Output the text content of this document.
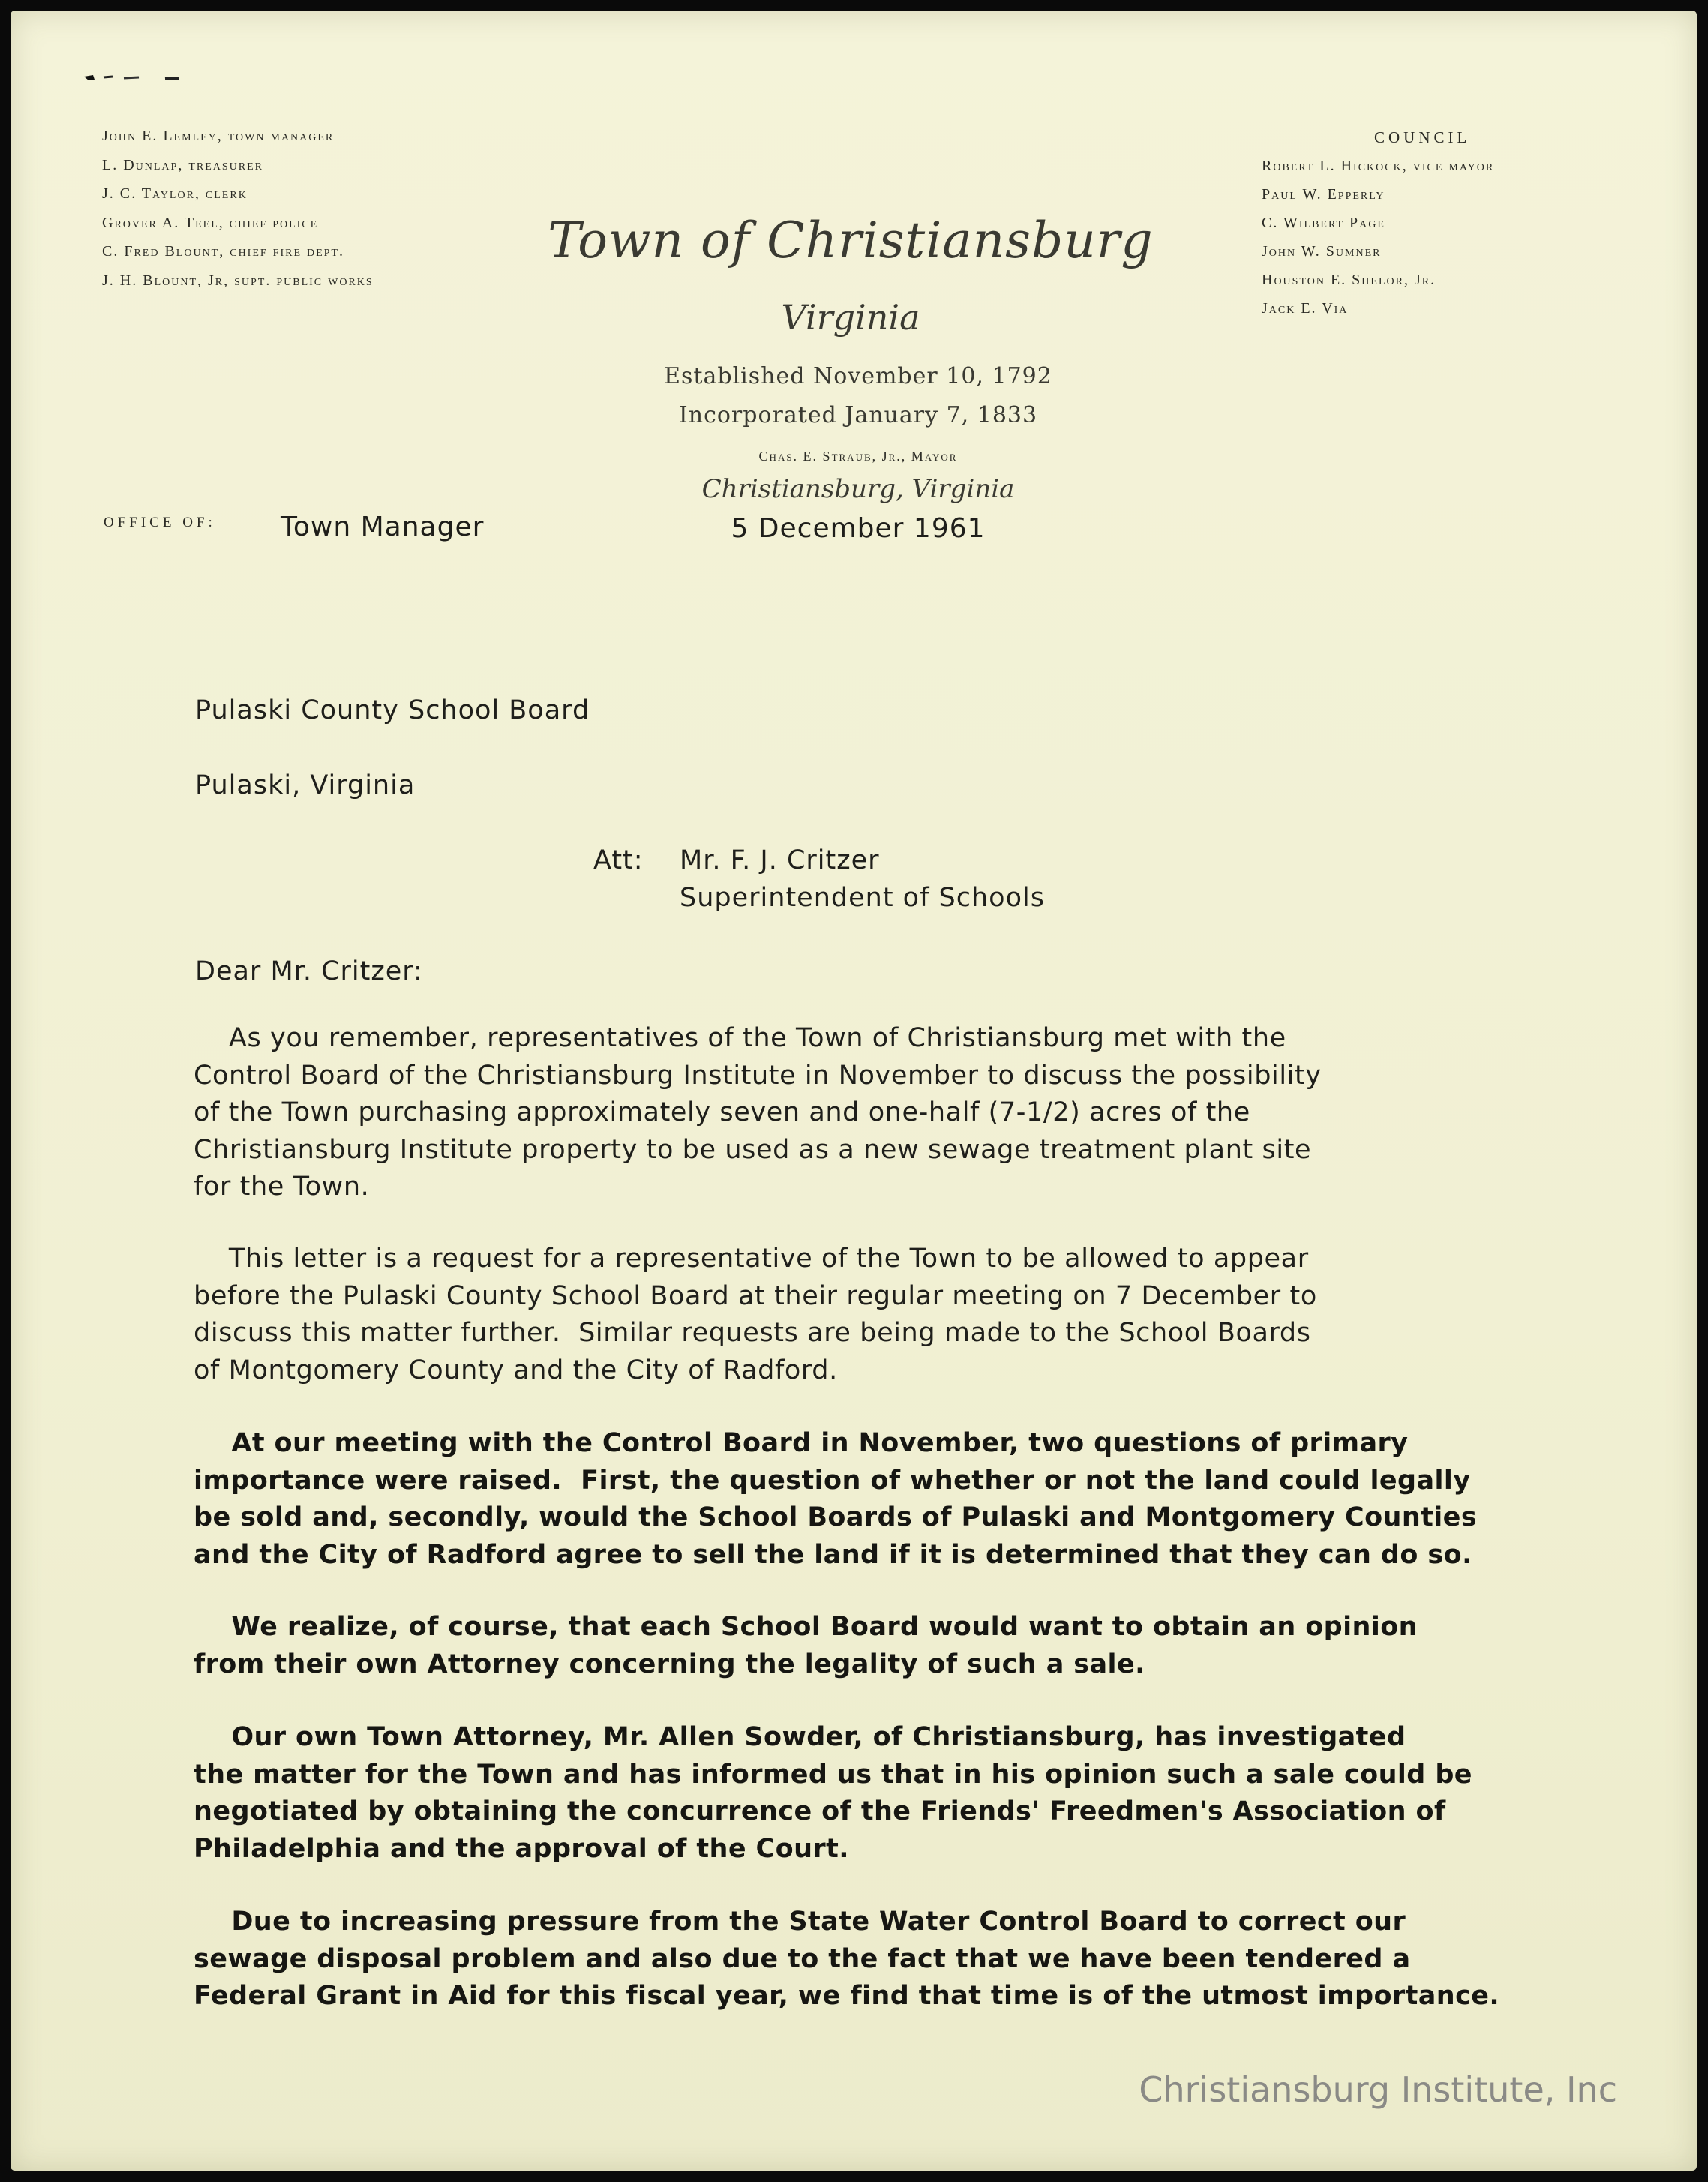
John E. Lemley, town manager
L. Dunlap, treasurer
J. C. Taylor, clerk
Grover A. Teel, chief police
C. Fred Blount, chief fire dept.
J. H. Blount, Jr, supt. public works
COUNCIL
Robert L. Hickock, vice mayor
Paul W. Epperly
C. Wilbert Page
John W. Sumner
Houston E. Shelor, Jr.
Jack E. Via
Town of Christiansburg
Virginia
Established November 10, 1792
Incorporated January 7, 1833
Chas. E. Straub, Jr., Mayor
Christiansburg, Virginia
5 December 1961
OFFICE OF: Town Manager
Pulaski County School Board
Pulaski, Virginia
Att: Mr. F. J. Critzer
Superintendent of Schools
Dear Mr. Critzer:
As you remember, representatives of the Town of Christiansburg met with the
Control Board of the Christiansburg Institute in November to discuss the possibility
of the Town purchasing approximately seven and one-half (7-1/2) acres of the
Christiansburg Institute property to be used as a new sewage treatment plant site
for the Town.
This letter is a request for a representative of the Town to be allowed to appear
before the Pulaski County School Board at their regular meeting on 7 December to
discuss this matter further.  Similar requests are being made to the School Boards
of Montgomery County and the City of Radford.
At our meeting with the Control Board in November, two questions of primary
importance were raised.  First, the question of whether or not the land could legally
be sold and, secondly, would the School Boards of Pulaski and Montgomery Counties
and the City of Radford agree to sell the land if it is determined that they can do so.
We realize, of course, that each School Board would want to obtain an opinion
from their own Attorney concerning the legality of such a sale.
Our own Town Attorney, Mr. Allen Sowder, of Christiansburg, has investigated
the matter for the Town and has informed us that in his opinion such a sale could be
negotiated by obtaining the concurrence of the Friends' Freedmen's Association of
Philadelphia and the approval of the Court.
Due to increasing pressure from the State Water Control Board to correct our
sewage disposal problem and also due to the fact that we have been tendered a
Federal Grant in Aid for this fiscal year, we find that time is of the utmost importance.
Christiansburg Institute, Inc
